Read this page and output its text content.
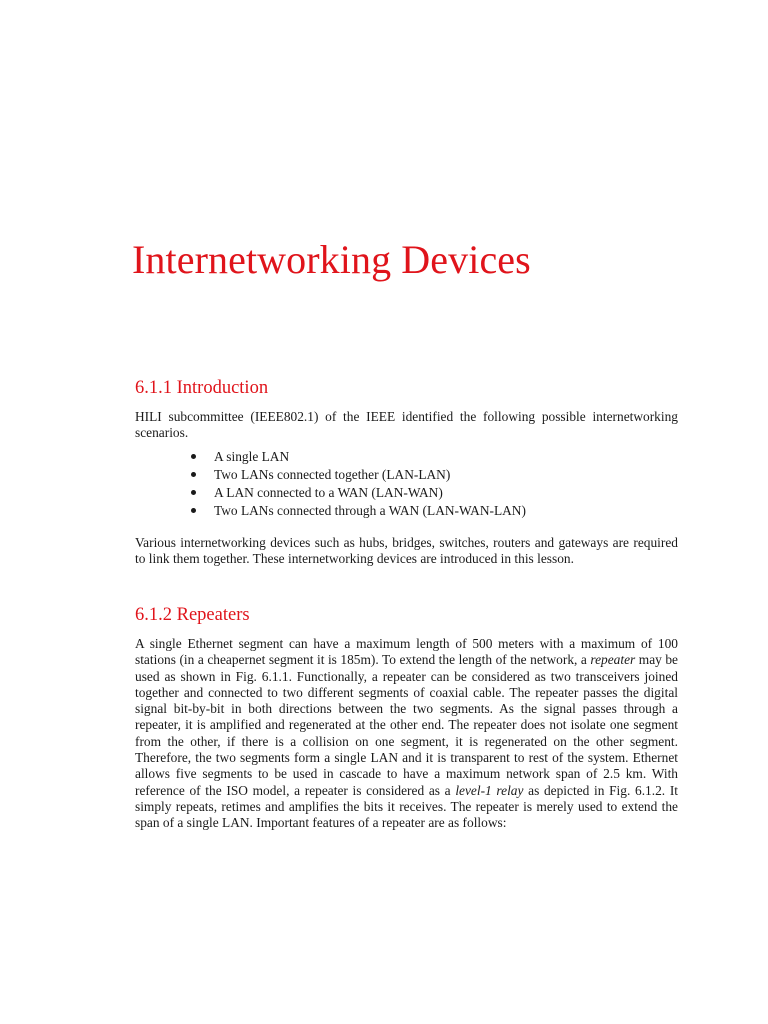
Internetworking Devices
6.1.1 Introduction

HILI subcommittee (IEEE802.1) of the IEEE identified the following possible internetworking scenarios.

A single LAN
Two LANs connected together (LAN-LAN)
A LAN connected to a WAN (LAN-WAN)
Two LANs connected through a WAN (LAN-WAN-LAN)

Various internetworking devices such as hubs, bridges, switches, routers and gateways are required to link them together. These internetworking devices are introduced in this lesson.

6.1.2 Repeaters

A single Ethernet segment can have a maximum length of 500 meters with a maximum of 100 stations (in a cheapernet segment it is 185m). To extend the length of the network, a repeater may be used as shown in Fig. 6.1.1. Functionally, a repeater can be considered as two transceivers joined together and connected to two different segments of coaxial cable. The repeater passes the digital signal bit-by-bit in both directions between the two segments. As the signal passes through a repeater, it is amplified and regenerated at the other end. The repeater does not isolate one segment from the other, if there is a collision on one segment, it is regenerated on the other segment. Therefore, the two segments form a single LAN and it is transparent to rest of the system. Ethernet allows five segments to be used in cascade to have a maximum network span of 2.5 km. With reference of the ISO model, a repeater is considered as a level-1 relay as depicted in Fig. 6.1.2. It simply repeats, retimes and amplifies the bits it receives. The repeater is merely used to extend the span of a single LAN. Important features of a repeater are as follows:
